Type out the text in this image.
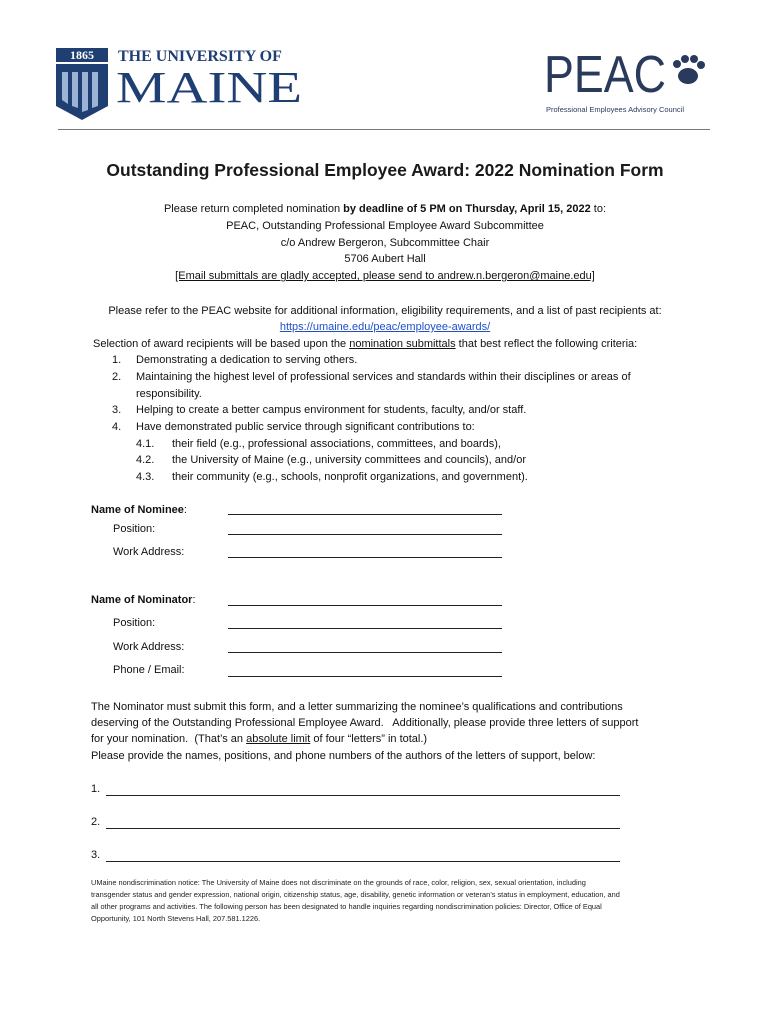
1865 THE UNIVERSITY OF
MAINE	PEAC
Professional Employees Advisory Council
Outstanding Professional Employee Award: 2022 Nomination Form
Please return completed nomination by deadline of 5 PM on Thursday, April 15, 2022 to:
PEAC, Outstanding Professional Employee Award Subcommittee
c/o Andrew Bergeron, Subcommittee Chair
5706 Aubert Hall
[Email submittals are gladly accepted, please send to andrew.n.bergeron@maine.edu]
Please refer to the PEAC website for additional information, eligibility requirements, and a list of past recipients at:
https://umaine.edu/peac/employee-awards/
Selection of award recipients will be based upon the nomination submittals that best reflect the following criteria:
1. Demonstrating a dedication to serving others.
2. Maintaining the highest level of professional services and standards within their disciplines or areas of
responsibility.
3. Helping to create a better campus environment for students, faculty, and/or staff.
4. Have demonstrated public service through significant contributions to:
4.1. their field (e.g., professional associations, committees, and boards),
4.2. the University of Maine (e.g., university committees and councils), and/or
4.3. their community (e.g., schools, nonprofit organizations, and government).
Name of Nominee:
Position:
Work Address:
Name of Nominator:
Position:
Work Address:
Phone / Email:
The Nominator must submit this form, and a letter summarizing the nominee’s qualifications and contributions
deserving of the Outstanding Professional Employee Award.   Additionally, please provide three letters of support
for your nomination.  (That’s an absolute limit of four “letters” in total.)
Please provide the names, positions, and phone numbers of the authors of the letters of support, below:
1.
2.
3.
UMaine nondiscrimination notice: The University of Maine does not discriminate on the grounds of race, color, religion, sex, sexual orientation, including
transgender status and gender expression, national origin, citizenship status, age, disability, genetic information or veteran’s status in employment, education, and
all other programs and activities. The following person has been designated to handle inquiries regarding nondiscrimination policies: Director, Office of Equal
Opportunity, 101 North Stevens Hall, 207.581.1226.
